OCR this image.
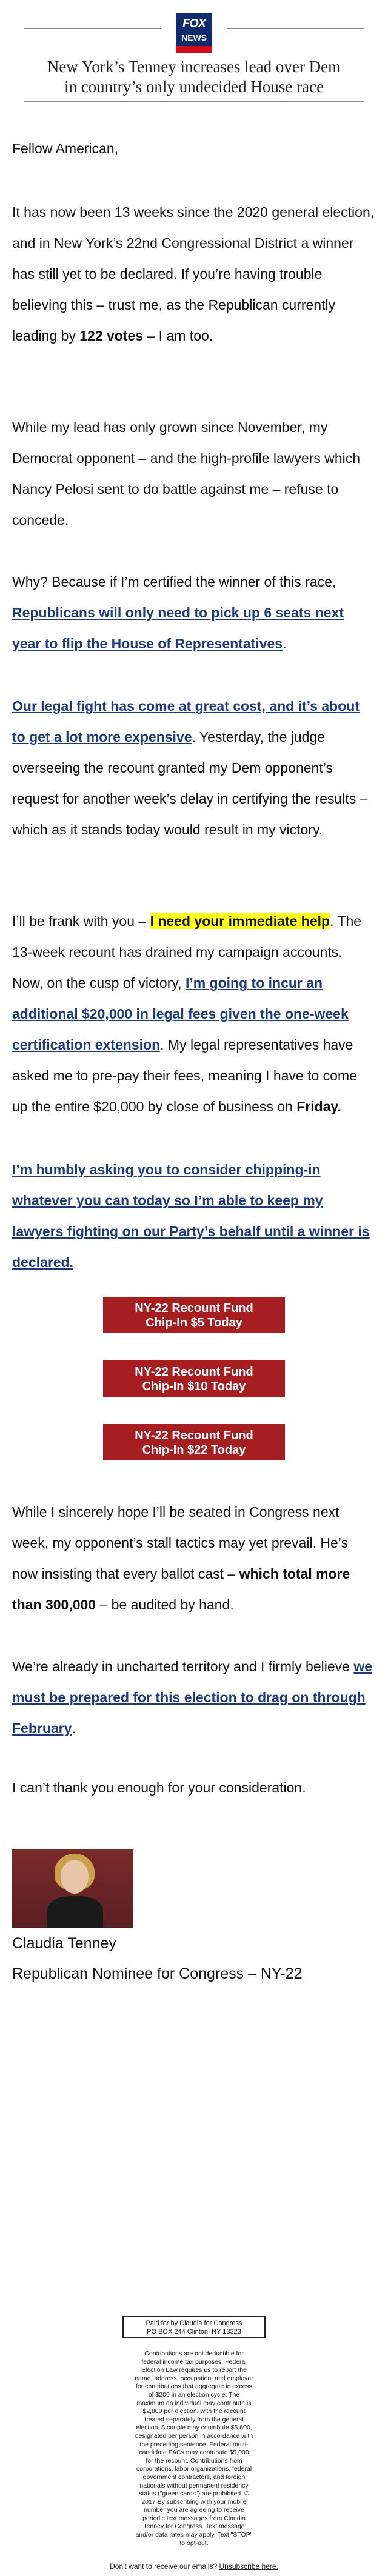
FOX
NEWS
New York’s Tenney increases lead over Dem
in country’s only undecided House race
Fellow American,
It has now been 13 weeks since the 2020 general election, and in New York’s 22nd Congressional District a winner has still yet to be declared. If you’re having trouble believing this – trust me, as the Republican currently leading by 122 votes – I am too.
While my lead has only grown since November, my Democrat opponent – and the high-profile lawyers which Nancy Pelosi sent to do battle against me – refuse to concede.
Why? Because if I’m certified the winner of this race, Republicans will only need to pick up 6 seats next year to flip the House of Representatives.
Our legal fight has come at great cost, and it’s about to get a lot more expensive. Yesterday, the judge overseeing the recount granted my Dem opponent’s request for another week’s delay in certifying the results – which as it stands today would result in my victory.
I’ll be frank with you – I need your immediate help. The 13-week recount has drained my campaign accounts. Now, on the cusp of victory, I’m going to incur an additional $20,000 in legal fees given the one-week certification extension. My legal representatives have asked me to pre-pay their fees, meaning I have to come up the entire $20,000 by close of business on Friday.
I’m humbly asking you to consider chipping-in whatever you can today so I’m able to keep my lawyers fighting on our Party’s behalf until a winner is declared.
NY-22 Recount Fund
Chip-In $5 Today
NY-22 Recount Fund
Chip-In $10 Today
NY-22 Recount Fund
Chip-In $22 Today
While I sincerely hope I’ll be seated in Congress next week, my opponent’s stall tactics may yet prevail. He’s now insisting that every ballot cast – which total more than 300,000 – be audited by hand.
We’re already in uncharted territory and I firmly believe we must be prepared for this election to drag on through February.
I can’t thank you enough for your consideration.
Claudia Tenney
Republican Nominee for Congress – NY-22
Paid for by Claudia for Congress
PO BOX 244 Clinton, NY 13323
Contributions are not deductible for federal income tax purposes. Federal Election Law requires us to report the name, address, occupation, and employer for contributions that aggregate in excess of $200 in an election cycle. The maximum an individual may contribute is $2,800 per election, with the recount treated separately from the general election. A couple may contribute $5,600, designated per person in accordance with the preceding sentence. Federal multi-candidate PACs may contribute $5,000 for the recount. Contributions from corporations, labor organizations, federal government contractors, and foreign nationals without permanent residency status ("green cards") are prohibited. © 2017 By subscribing with your mobile number you are agreeing to receive periodic text messages from Claudia Tenney for Congress. Text message and/or data rates may apply. Text "STOP" to opt-out.
Don't want to receive our emails? Unsubscribe here.
